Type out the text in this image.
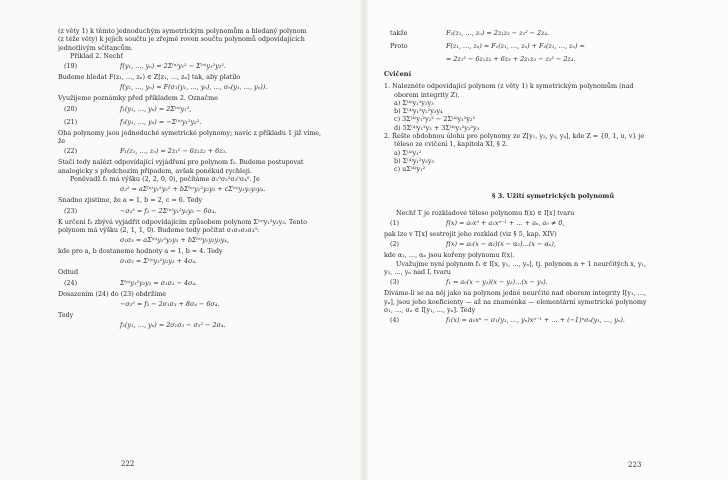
(z věty 1) k těmto jednoduchým symetrickým polynomům a hledaný polynom
(z téže věty) k jejich součtu je zřejmě roven součtu polynomů odpovídajících
jednotlivým sčítancům.
Příklad 2. Nechť
(19)	f(y₁, …, yₙ) = 2Σ⁽ⁿ⁾y₁² − Σ⁽ⁿ⁾y₁²y₂².
Budeme hledat F(z₁, …, zₙ) ∈ Z[z₁, …, zₙ] tak, aby platilo
f(y₁, …, yₙ) = F(σ₁(y₁, …, yₙ), …, σₙ(y₁, …, yₙ)).
Využijeme poznámky před příkladem 2. Označme
(20)	f₁(y₁, …, yₙ) = 2Σ⁽ⁿ⁾y₁²,
(21)	f₂(y₁, …, yₙ) = −Σ⁽ⁿ⁾y₁²y₂².
Oba polynomy jsou jednoduché symetrické polynomy; navíc z příkladu 1 již víme,
že
(22)	F₁(z₁, …, zₙ) = 2z₁² − 6z₁z₂ + 6z₃.
Stačí tedy nalézt odpovídající vyjádření pro polynom f₂. Budeme postupovat
analogicky s předchozím případem, avšak poněkud rychleji.
Poněvadž f₂ má výšku (2, 2, 0, 0), počítáme σ₁⁰σ₂²σ₃⁰σ₄⁰. Je
σ₂² = aΣ⁽ⁿ⁾y₁²y₂² + bΣ⁽ⁿ⁾y₁²y₂y₃ + cΣ⁽ⁿ⁾y₁y₂y₃y₄.
Snadno zjistíme, že a = 1, b = 2, c = 6. Tedy
(23)	−σ₂² = f₂ − 2Σ⁽ⁿ⁾y₁²y₂y₃ − 6σ₄.
K určení f₃ zbývá vyjádřit odpovídajícím způsobem polynom Σ⁽ⁿ⁾y₁²y₂y₃. Tento
polynom má výšku (2, 1, 1, 0). Budeme tedy počítat σ₁σ₃σ₃σ₄⁰:
σ₁σ₃ = aΣ⁽ⁿ⁾y₁²y₂y₃ + bΣ⁽ⁿ⁾y₁y₂y₃y₄,
kde pro a, b dostaneme hodnoty a = 1, b = 4. Tedy
σ₁σ₃ = Σ⁽ⁿ⁾y₁²y₂y₃ + 4σ₄.
Odtud
(24)	Σ⁽ⁿ⁾y₁²y₂y₃ = σ₁σ₃ − 4σ₄.
Dosazením (24) do (23) obdržíme
−σ₂² = f₂ − 2σ₁σ₃ + 8σ₄ − 6σ₄.
Tedy
f₂(y₁, …, yₙ) = 2σ₁σ₃ − σ₂² − 2σ₄.
222
takže	F₂(z₁, …, zₙ) = 2z₁z₃ − z₂² − 2z₄.
Proto	F(z₁, …, zₙ) = F₁(z₁, …, zₙ) + F₂(z₁, …, zₙ) =
= 2z₁² − 6z₁z₂ + 6z₃ + 2z₁z₃ − z₂² − 2z₄.
Cvičení
1. Nalezněte odpovídající polynom (z věty 1) k symetrickým polynomům (nad
oborem integrity Z).
a) Σ⁽⁴⁾y₁²y₂y₃
b) Σ⁽⁴⁾y₁²y₂²y₃y₄
c) 3Σ⁽⁴⁾y₁²y₂² − 2Σ⁽⁴⁾y₁²y₂²
d) 5Σ⁽⁴⁾y₁²y₂ + 3Σ⁽⁴⁾y₁²y₂²y₃
2. Řešte obdobnou úlohu pro polynomy ze Z[y₁, y₂, y₃, y₄], kde Z = {0, 1, u, v} je
těleso ze cvičení 1, kapitola XI, § 2.
a) Σ⁽⁴⁾y₁²
b) Σ⁽⁴⁾y₁²y₂y₃
c) uΣ⁽⁴⁾y₁²
§ 3. Užití symetrických polynomů
Nechť T je rozkladové těleso polynomu f(x) ∈ I[x] tvaru
(1)	f(x) = a₀xⁿ + a₁xⁿ⁻¹ + … + aₙ, a₀ ≠ 0,
pak lze v T[x] sestrojit jeho rozklad (viz § 5, kap. XIV)
(2)	f(x) = a₀(x − α₁)(x − α₂)…(x − αₙ),
kde α₁, …, αₙ jsou kořeny polynomu f(x).
Uvažujme nyní polynom f₁ ∈ I[x, y₁, …, yₙ], tj. polynom n + 1 neurčitých x, y₁,
y₂, …, yₙ nad I, tvaru
(3)	f₁ = a₀(x − y₁)(x − y₂)…(x − yₙ).
Díváme-li se na něj jako na polynom jedné neurčité nad oborem integrity I[y₁, …,
yₙ], jsou jeho koeficienty — až na znaménka — elementární symetrické polynomy
σ₁, …, σₙ ∈ I[y₁, …, yₙ]. Tedy
(4)	f₁(x) = a₀xⁿ − σ₁(y₁, …, yₙ)xⁿ⁻¹ + … + (−1)ⁿσₙ(y₁, …, yₙ).
223
